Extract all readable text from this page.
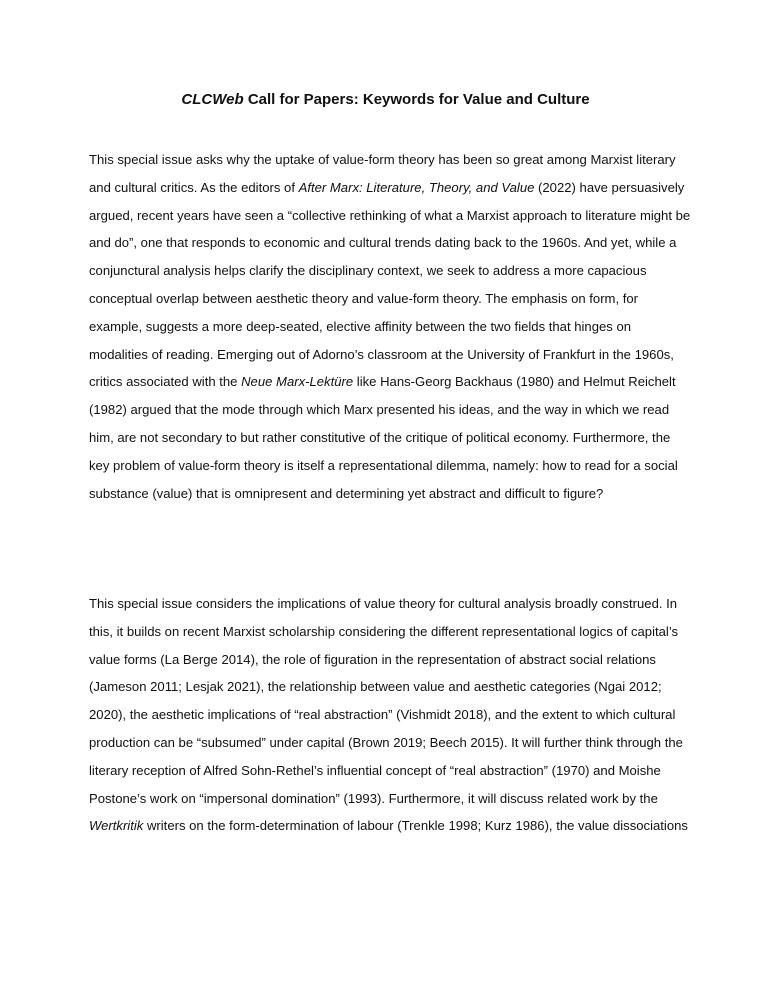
CLCWeb Call for Papers: Keywords for Value and Culture

This special issue asks why the uptake of value-form theory has been so great among Marxist literary and cultural critics. As the editors of After Marx: Literature, Theory, and Value (2022) have persuasively argued, recent years have seen a “collective rethinking of what a Marxist approach to literature might be and do”, one that responds to economic and cultural trends dating back to the 1960s. And yet, while a conjunctural analysis helps clarify the disciplinary context, we seek to address a more capacious conceptual overlap between aesthetic theory and value-form theory. The emphasis on form, for example, suggests a more deep-seated, elective affinity between the two fields that hinges on modalities of reading. Emerging out of Adorno’s classroom at the University of Frankfurt in the 1960s, critics associated with the Neue Marx-Lektüre like Hans-Georg Backhaus (1980) and Helmut Reichelt (1982) argued that the mode through which Marx presented his ideas, and the way in which we read him, are not secondary to but rather constitutive of the critique of political economy. Furthermore, the key problem of value-form theory is itself a representational dilemma, namely: how to read for a social substance (value) that is omnipresent and determining yet abstract and difficult to figure?

This special issue considers the implications of value theory for cultural analysis broadly construed. In this, it builds on recent Marxist scholarship considering the different representational logics of capital’s value forms (La Berge 2014), the role of figuration in the representation of abstract social relations (Jameson 2011; Lesjak 2021), the relationship between value and aesthetic categories (Ngai 2012; 2020), the aesthetic implications of “real abstraction” (Vishmidt 2018), and the extent to which cultural production can be “subsumed” under capital (Brown 2019; Beech 2015). It will further think through the literary reception of Alfred Sohn-Rethel’s influential concept of “real abstraction” (1970) and Moishe Postone’s work on “impersonal domination” (1993). Furthermore, it will discuss related work by the Wertkritik writers on the form-determination of labour (Trenkle 1998; Kurz 1986), the value dissociations
